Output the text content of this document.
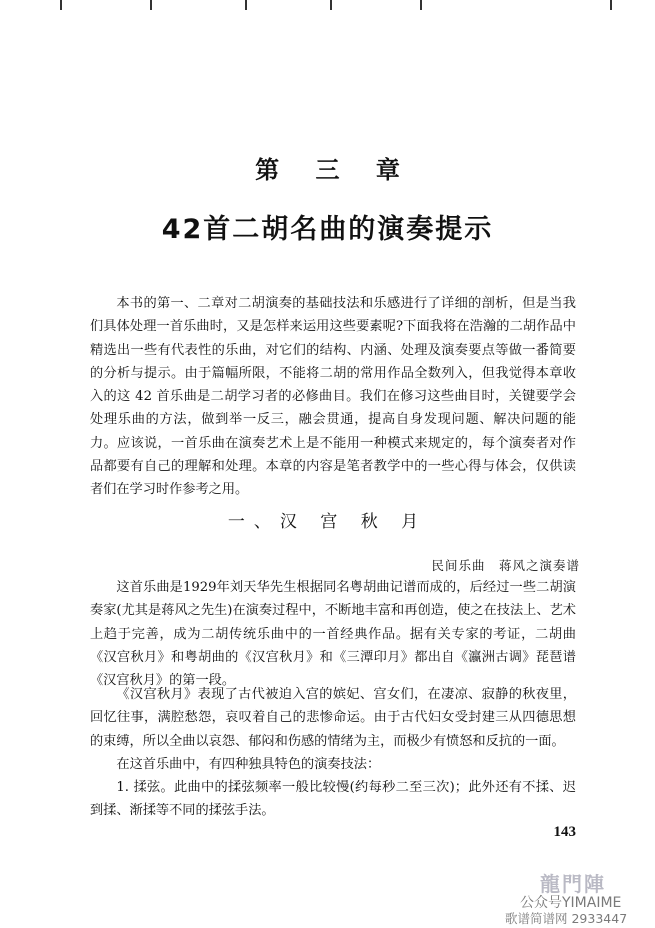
第 三 章
42首二胡名曲的演奏提示

本书的第一、二章对二胡演奏的基础技法和乐感进行了详细的剖析，但是当我们具体处理一首乐曲时，又是怎样来运用这些要素呢?下面我将在浩瀚的二胡作品中精选出一些有代表性的乐曲，对它们的结构、内涵、处理及演奏要点等做一番简要的分析与提示。由于篇幅所限，不能将二胡的常用作品全数列入，但我觉得本章收入的这 42 首乐曲是二胡学习者的必修曲目。我们在修习这些曲目时，关键要学会处理乐曲的方法，做到举一反三，融会贯通，提高自身发现问题、解决问题的能力。应该说，一首乐曲在演奏艺术上是不能用一种模式来规定的，每个演奏者对作品都要有自己的理解和处理。本章的内容是笔者教学中的一些心得与体会，仅供读者们在学习时作参考之用。

一、汉 宫 秋 月
民间乐曲　蒋风之演奏谱

这首乐曲是1929年刘天华先生根据同名粤胡曲记谱而成的，后经过一些二胡演奏家(尤其是蒋风之先生)在演奏过程中，不断地丰富和再创造，使之在技法上、艺术上趋于完善，成为二胡传统乐曲中的一首经典作品。据有关专家的考证，二胡曲《汉宫秋月》和粤胡曲的《汉宫秋月》和《三潭印月》都出自《瀛洲古调》琵琶谱《汉宫秋月》的第一段。

《汉宫秋月》表现了古代被迫入宫的嫔妃、宫女们，在凄凉、寂静的秋夜里，回忆往事，满腔愁怨，哀叹着自己的悲惨命运。由于古代妇女受封建三从四德思想的束缚，所以全曲以哀怨、郁闷和伤感的情绪为主，而极少有愤怒和反抗的一面。

在这首乐曲中，有四种独具特色的演奏技法：

1. 揉弦。此曲中的揉弦频率一般比较慢(约每秒二至三次)；此外还有不揉、迟到揉、渐揉等不同的揉弦手法。

143
龍門陣
公众号YIMAIME
歌谱简谱网 2933447
